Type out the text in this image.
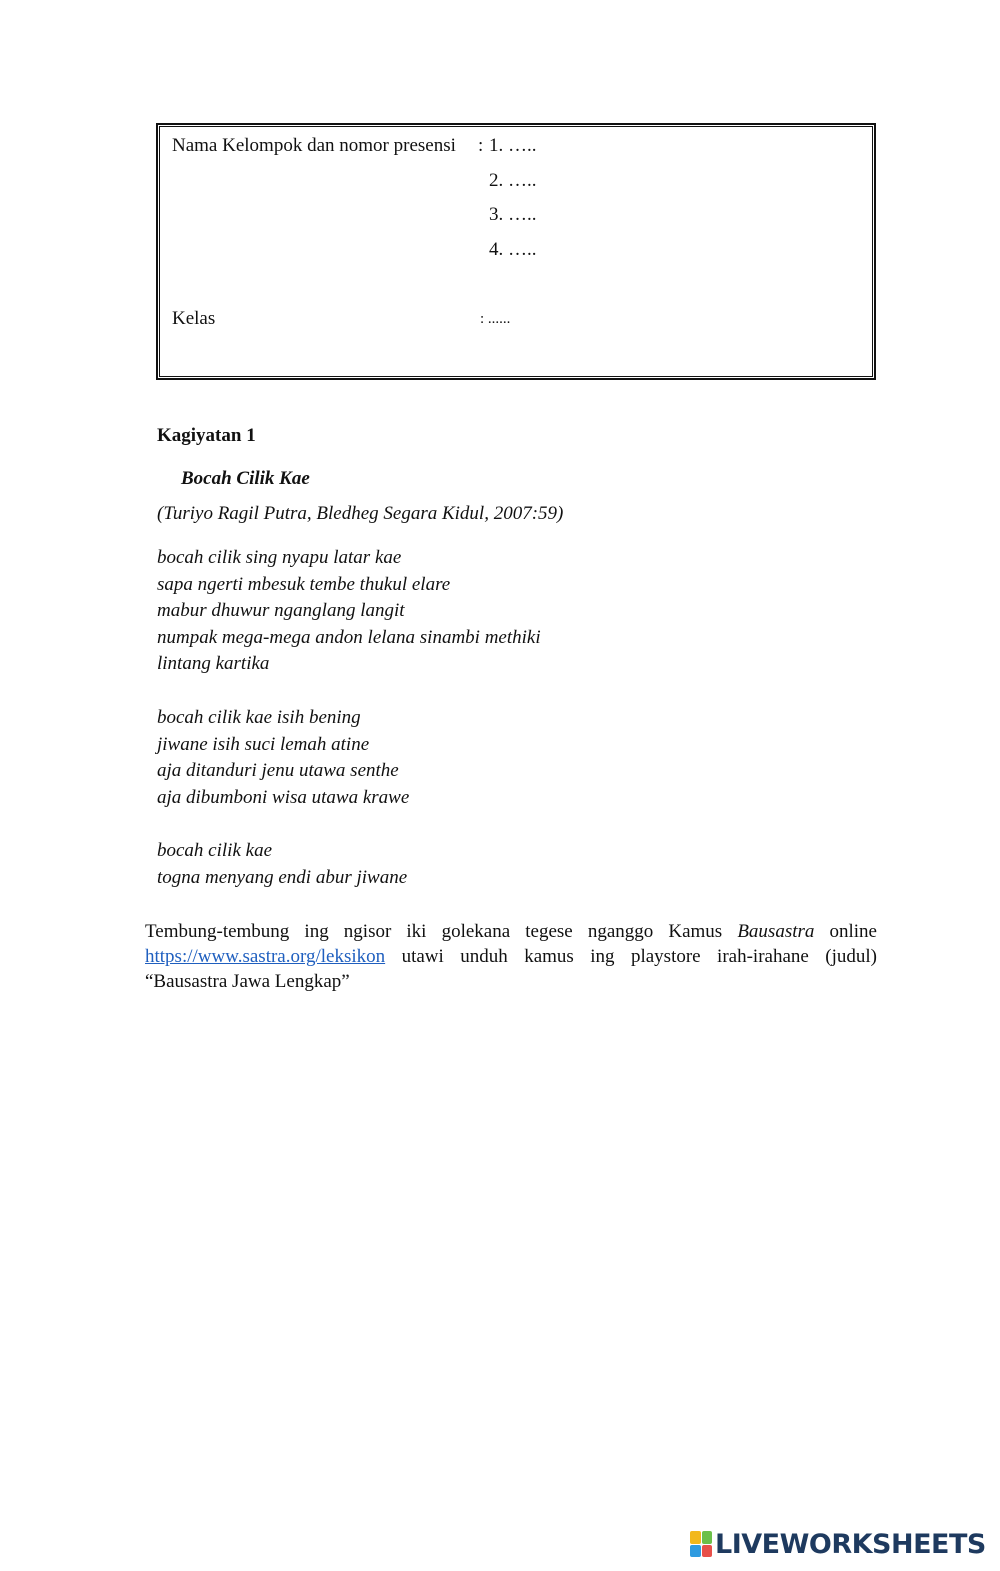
Nama Kelompok dan nomor presensi : 1. …..
2. …..
3. …..
4. …..
Kelas	: ......
Kagiyatan 1
Bocah Cilik Kae
(Turiyo Ragil Putra, Bledheg Segara Kidul, 2007:59)
bocah cilik sing nyapu latar kae
sapa ngerti mbesuk tembe thukul elare
mabur dhuwur nganglang langit
numpak mega-mega andon lelana sinambi methiki
lintang kartika
bocah cilik kae isih bening
jiwane isih suci lemah atine
aja ditanduri jenu utawa senthe
aja dibumboni wisa utawa krawe
bocah cilik kae
togna menyang endi abur jiwane
Tembung-tembung ing ngisor iki golekana tegese nganggo Kamus Bausastra online https://www.sastra.org/leksikon utawi unduh kamus ing playstore irah-irahane (judul) “Bausastra Jawa Lengkap”
LIVEWORKSHEETS
